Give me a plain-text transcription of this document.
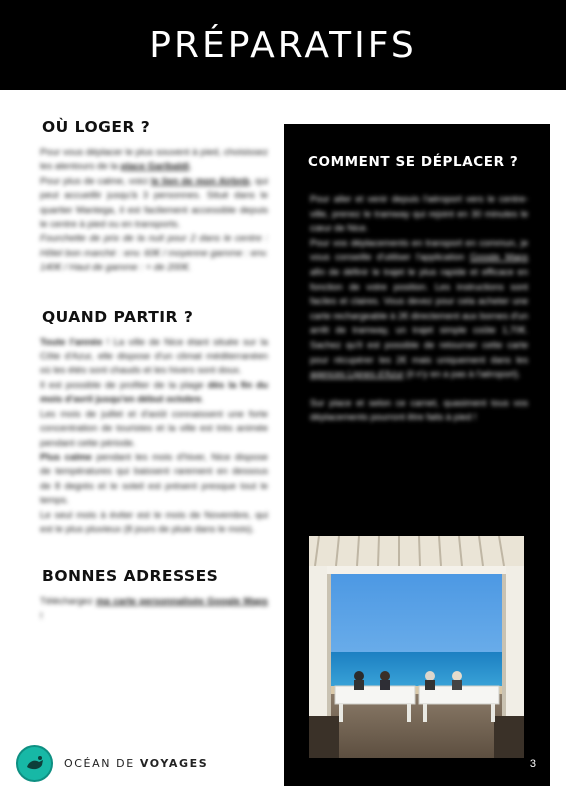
PRÉPARATIFS
OÙ LOGER ?

Pour vous déplacer le plus souvent à pied, choisissez les alentours de la place Garibaldi.

Pour plus de calme, voici le lien de mon Airbnb, qui peut accueillir jusqu'à 3 personnes. Situé dans le quartier Mantega, il est facilement accessible depuis le centre à pied ou en transports.

Fourchette de prix de la nuit pour 2 dans le centre : Hôtel bon marché : env. 60€ / moyenne gamme : env. 140€ / Haut de gamme : + de 200€.

QUAND PARTIR ?

Toute l'année ! La ville de Nice étant située sur la Côte d'Azur, elle dispose d'un climat méditerranéen où les étés sont chauds et les hivers sont doux.

Il est possible de profiter de la plage dès la fin du mois d'avril jusqu'en début octobre.

Les mois de juillet et d'août connaissent une forte concentration de touristes et la ville est très animée pendant cette période.

Plus calme pendant les mois d'hiver, Nice dispose de températures qui baissent rarement en dessous de 8 degrés et le soleil est présent presque tout le temps.

Le seul mois à éviter est le mois de Novembre, qui est le plus pluvieux (8 jours de pluie dans le mois).

BONNES ADRESSES

Téléchargez ma carte personnalisée Google Maps !

COMMENT SE DÉPLACER ?

Pour aller et venir depuis l'aéroport vers le centre-ville, prenez le tramway qui rejoint en 30 minutes le cœur de Nice.

Pour vos déplacements en transport en commun, je vous conseille d'utiliser l'application Google Maps afin de définir le trajet le plus rapide et efficace en fonction de votre position. Les instructions sont faciles et claires. Vous devez pour cela acheter une carte rechargeable à 2€ directement aux bornes d'un arrêt de tramway, un trajet simple coûte 1,70€. Sachez qu'il est possible de retourner cette carte pour récupérer les 2€ mais uniquement dans les agences Lignes d'Azur (il n'y en a pas à l'aéroport).

Sur place et selon ce carnet, quasiment tous vos déplacements pourront être faits à pied !

3
OCÉAN DE VOYAGES
